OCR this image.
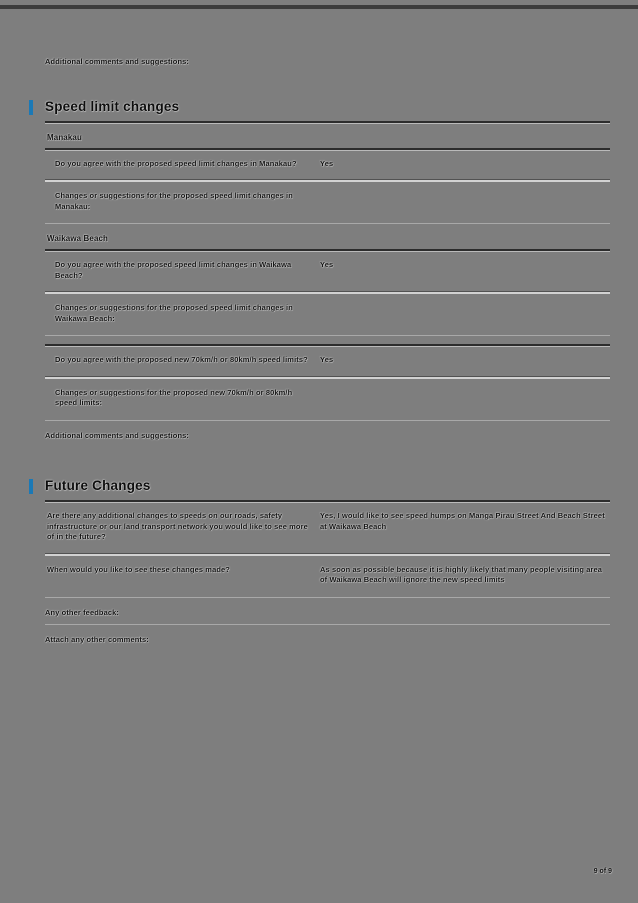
Additional comments and suggestions:
Speed limit changes
Manakau
Do you agree with the proposed speed limit changes in Manakau?	Yes
Changes or suggestions for the proposed speed limit changes in Manakau:
Waikawa Beach
Do you agree with the proposed speed limit changes in Waikawa Beach?
Yes
Changes or suggestions for the proposed speed limit changes in Waikawa Beach:
Do you agree with the proposed new 70km/h or 80km/h speed limits? Yes
Changes or suggestions for the proposed new 70km/h or 80km/h speed limits:
Additional comments and suggestions:
Future Changes
Are there any additional changes to speeds on our roads, safety infrastructure or our land transport network you would like to see more of in the future?
Yes, I would like to see speed humps on Manga Pirau Street And Beach Street at Waikawa Beach
When would you like to see these changes made?	As soon as possible because it is highly likely that many people visiting area of Waikawa Beach will ignore the new speed limits
Any other feedback:
Attach any other comments:
9 of 9
